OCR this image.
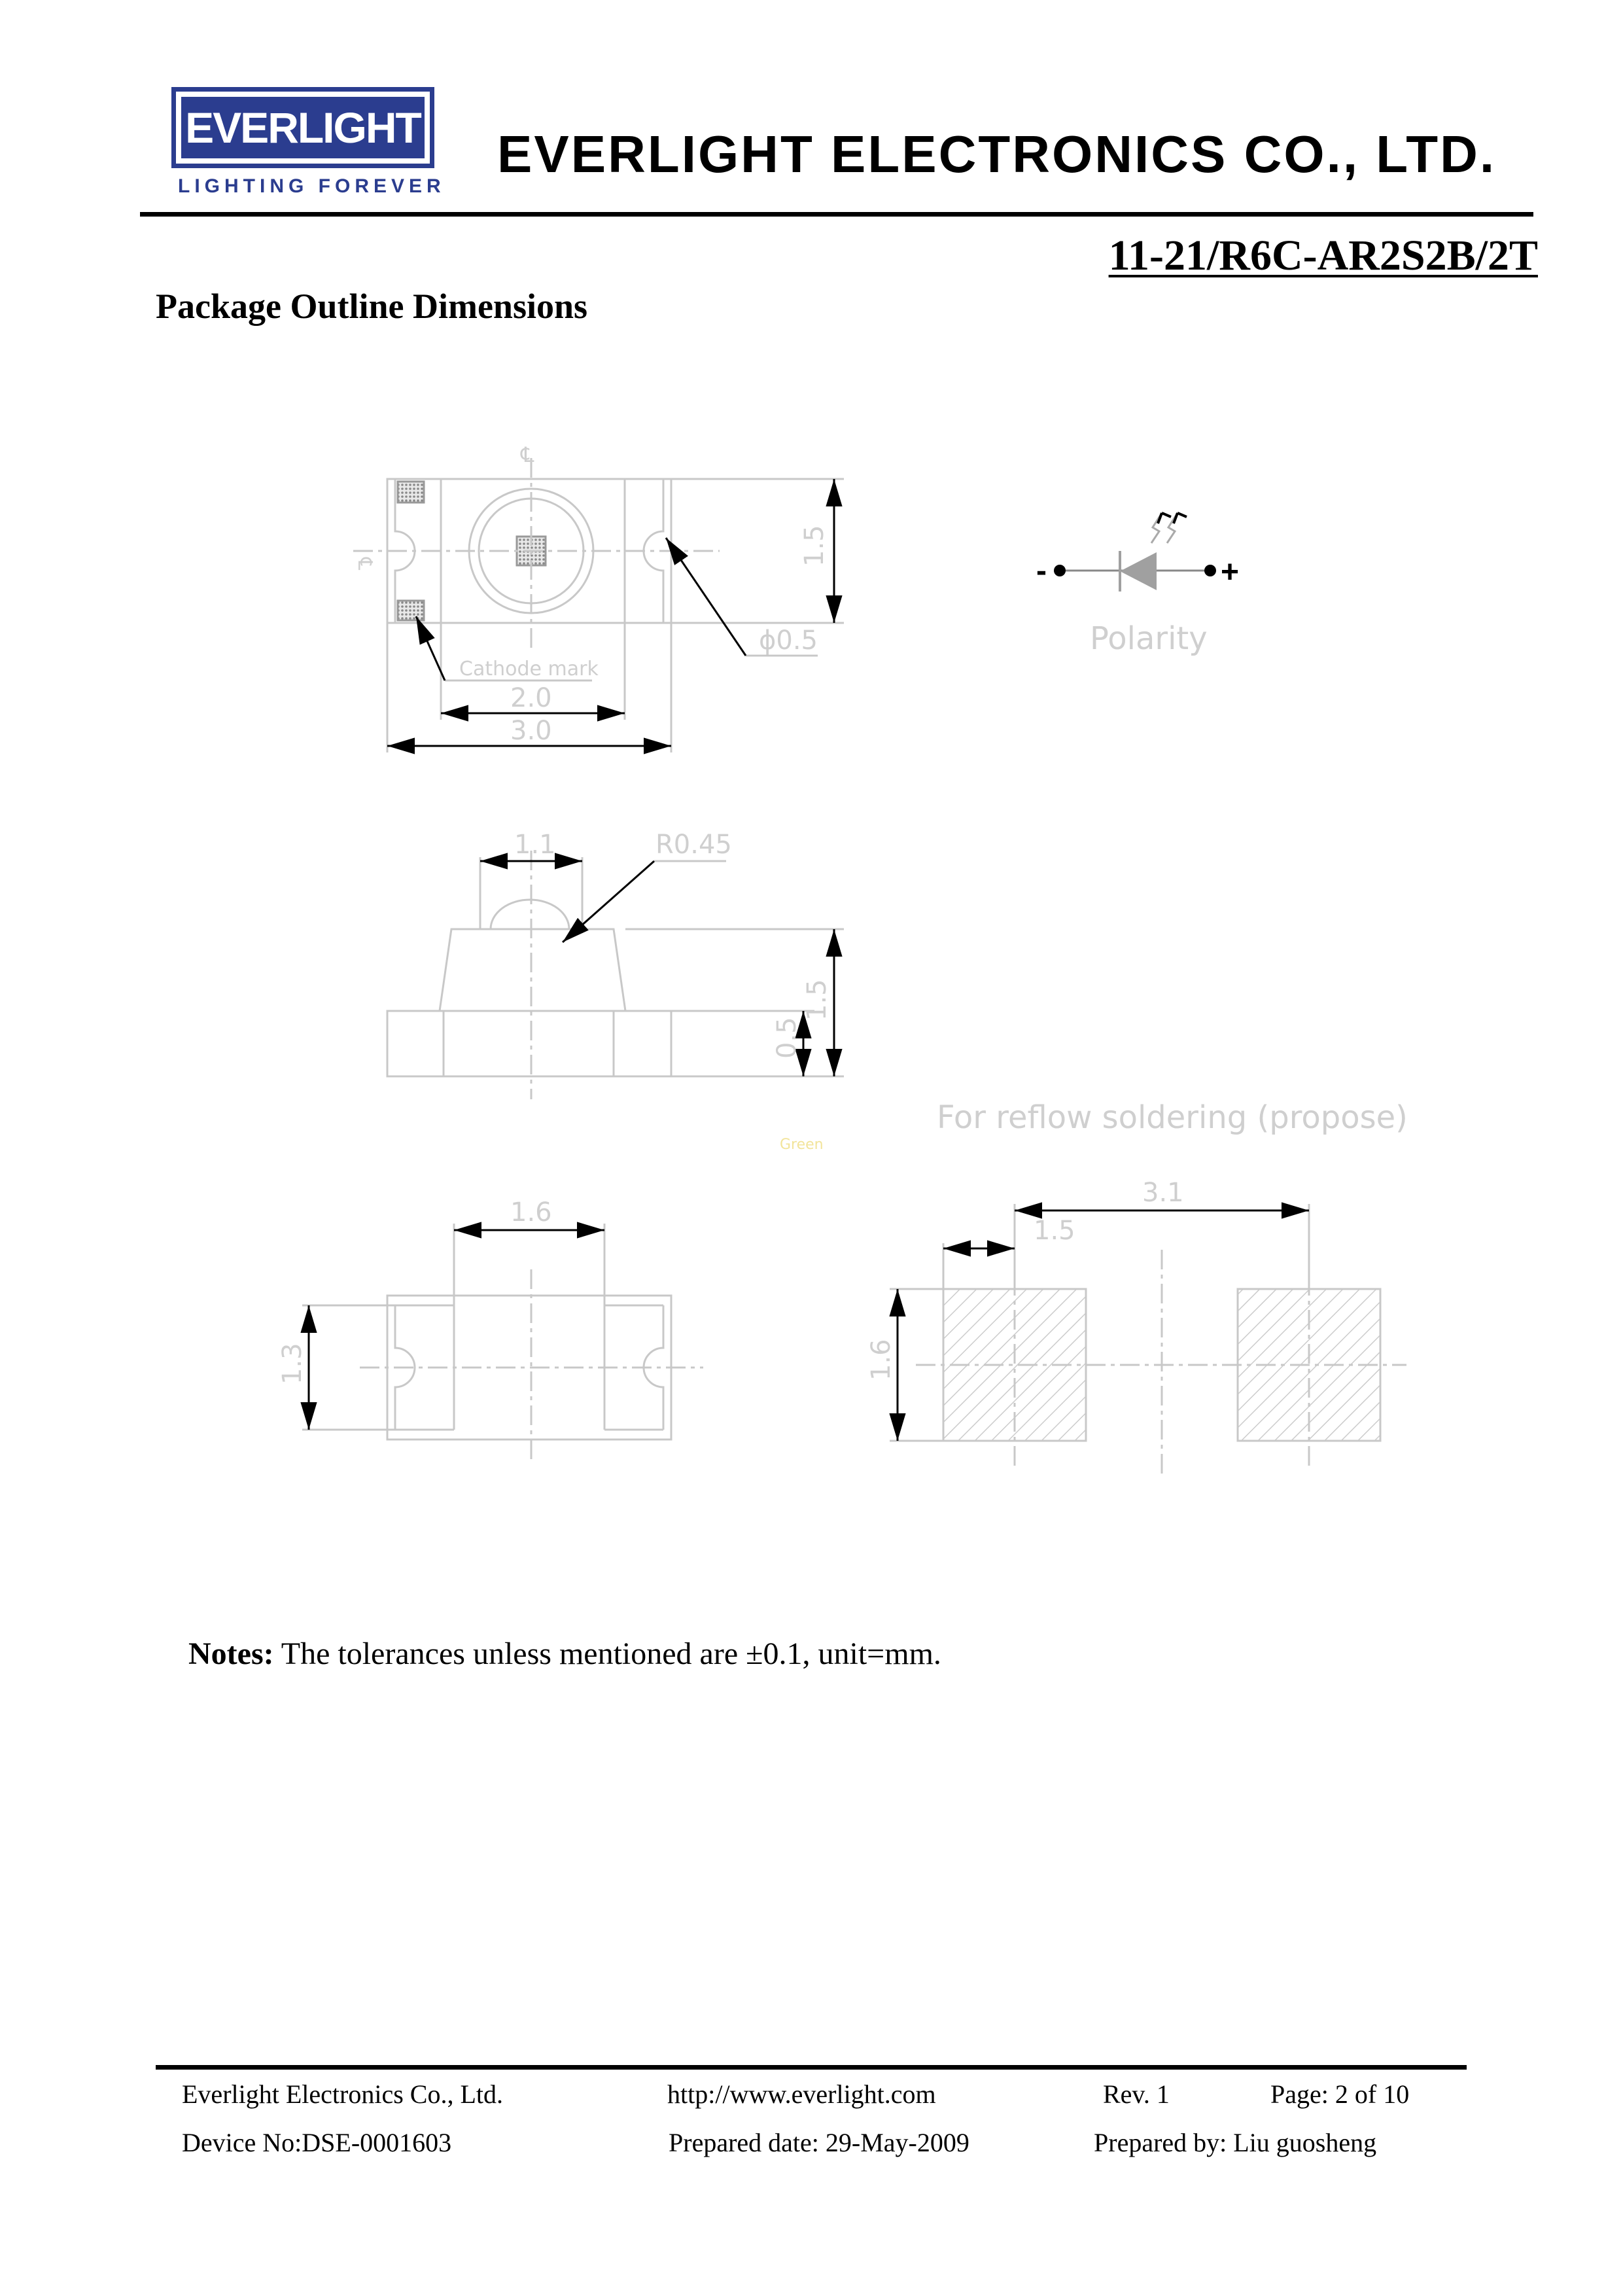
EVERLIGHT
LIGHTING FOREVER
EVERLIGHT ELECTRONICS CO., LTD.
11-21/R6C-AR2S2B/2T
Package Outline Dimensions
℄
℄	1.5
ϕ0.5
Cathode mark
2.0
3.0
-	+
Polarity
1.1	R0.45
1.5
0.5
Green
For reflow soldering (propose)
1.6
1.3
3.1
1.5
1.6
Notes: The tolerances unless mentioned are ±0.1, unit=mm.
Everlight Electronics Co., Ltd.	http://www.everlight.com	Rev. 1	Page: 2 of 10
Device No:DSE-0001603	Prepared date: 29-May-2009	Prepared by: Liu guosheng
